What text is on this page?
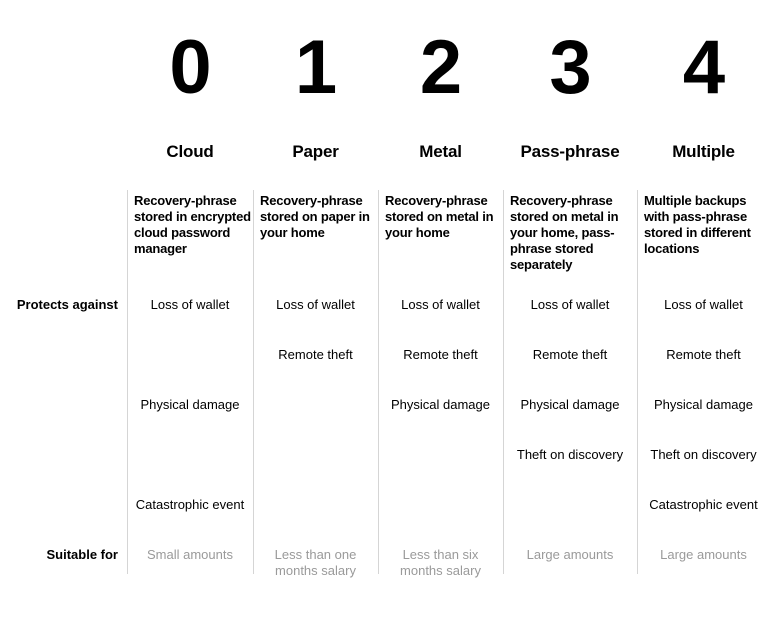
Protects against
Suitable for
0
Cloud
Recovery-phrase stored in encrypted cloud password manager
Loss of wallet
Physical damage
Catastrophic event
Small amounts
1
Paper
Recovery-phrase stored on paper in your home
Loss of wallet
Remote theft
Less than one months salary
2
Metal
Recovery-phrase stored on metal in your home
Loss of wallet
Remote theft
Physical damage
Less than six months salary
3
Pass-phrase
Recovery-phrase stored on metal in your home, pass-phrase stored separately
Loss of wallet
Remote theft
Physical damage
Theft on discovery
Large amounts
4
Multiple
Multiple backups with pass-phrase stored in different locations
Loss of wallet
Remote theft
Physical damage
Theft on discovery
Catastrophic event
Large amounts
